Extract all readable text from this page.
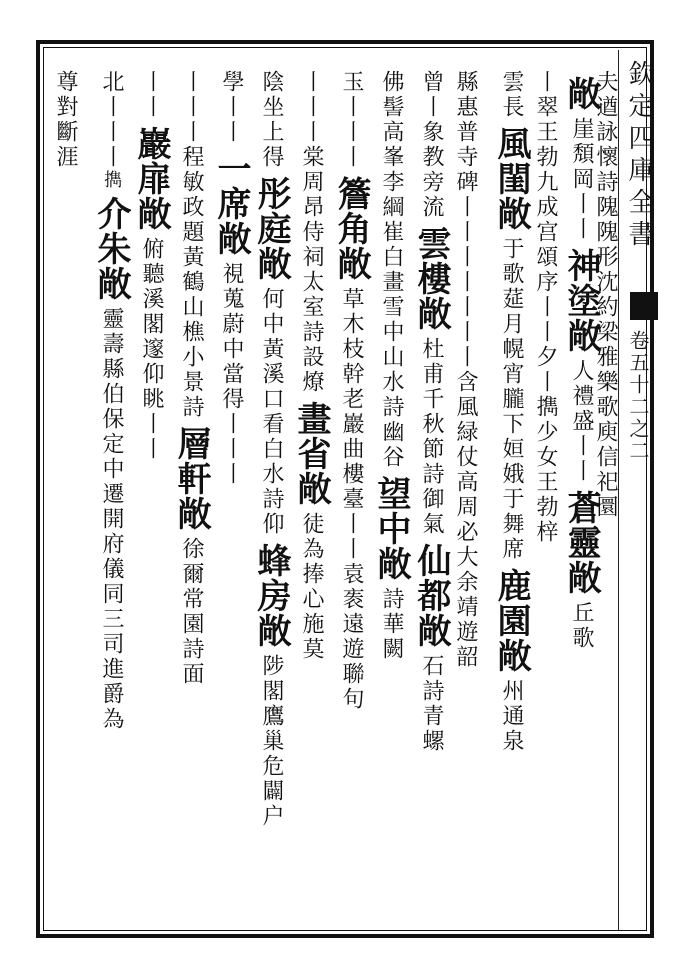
欽定四庫全書
卷五十二之二
尊對斷涯 北丨丨丨擕介朱敞靈壽縣伯保定中遷開府儀同三司進爵為
丨丨巖扉敞俯聽溪閣邃仰眺丨丨
丨丨丨程敏政題黃鶴山樵小景詩層軒敞徐爾常園詩面
學丨丨一席敞視蒐蔚中當得丨丨丨
陰坐上得彤庭敞何中黃溪口看白水詩仰蜂房敞陟閣鷹巢危闢户
丨丨丨棠周昂侍祠太室詩設燎畫省敞徒為捧心施莫
玉丨丨丨簷角敞草木枝幹老巖曲樓臺丨丨袁袠遠遊聯句
佛髻高峯李綱崔白畫雪中山水詩幽谷望中敞詩華闕
曾丨象教旁流雲樓敞杜甫千秋節詩御氣仙都敞石詩青螺
縣惠普寺碑丨丨丨丨丨丨丨含風緑仗高周必大余靖遊韶
雲長風閨敞于歌莚月幌宵朧下姮娥于舞席鹿園敞州通泉
丨翠王勃九成宫頌序丨丨夕丨擕少女王勃梓
敞崖頽岡丨丨神塗敞人禮盛丨丨蒼靈敞丘歌
夫遒詠懷詩隗隗形沈約梁雅樂歌庾信祀圜
